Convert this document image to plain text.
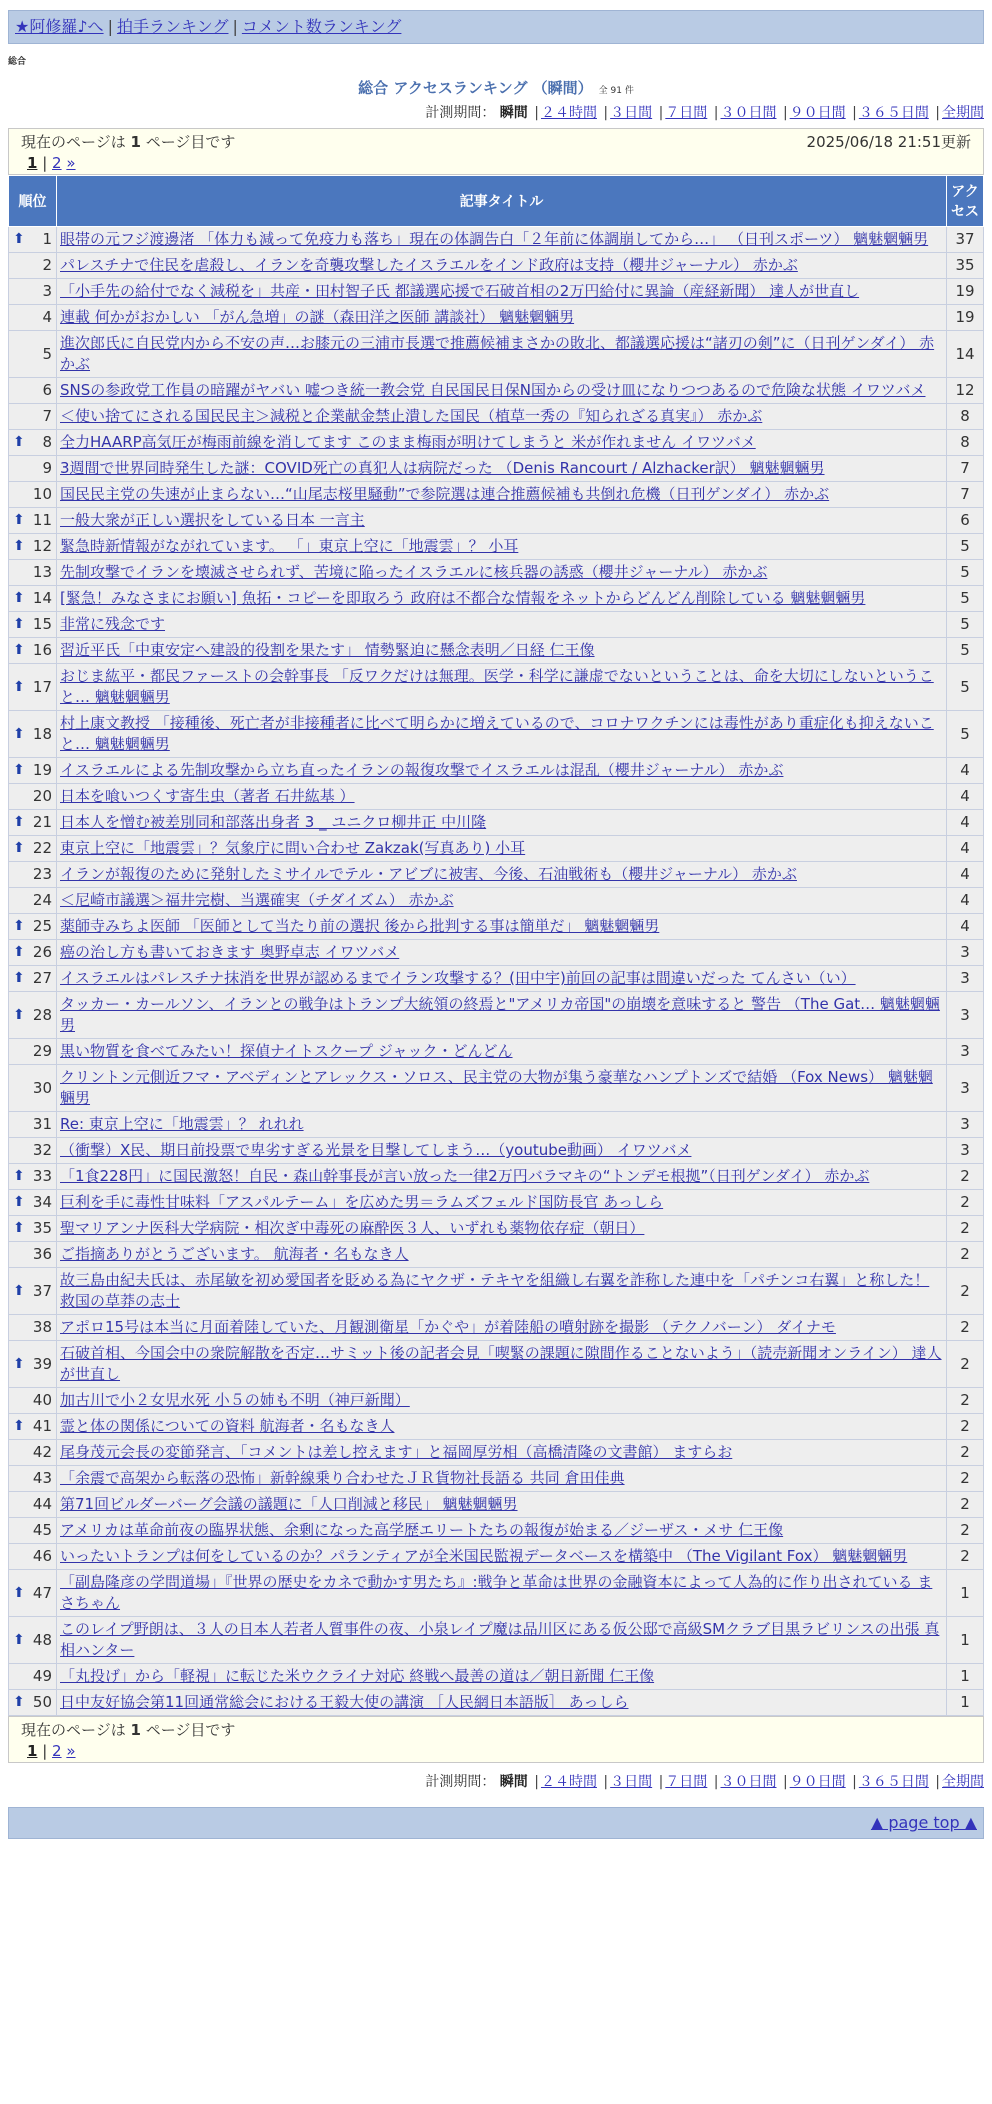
★阿修羅♪へ | 拍手ランキング | コメント数ランキング
総合
総合 アクセスランキング （瞬間） 全 91 件
計測期間： 瞬間 | ２４時間 | ３日間 | ７日間 | ３０日間 | ９０日間 | ３６５日間 | 全期間
現在のページは 1 ページ目です	2025/06/18 21:51更新
1 | 2 »
順位	記事タイトル	アクセス

⬆ 1	眼帯の元フジ渡邊渚 「体力も減って免疫力も落ち」現在の体調告白「２年前に体調崩してから…」 （日刊スポーツ） 魑魅魍魎男	37
2	パレスチナで住民を虐殺し、イランを奇襲攻撃したイスラエルをインド政府は支持（櫻井ジャーナル） 赤かぶ	35
3	「小手先の給付でなく減税を」共産・田村智子氏 都議選応援で石破首相の2万円給付に異論（産経新聞） 達人が世直し	19
4	連載 何かがおかしい 「がん急増」の謎（森田洋之医師 講談社） 魑魅魍魎男	19
5	進次郎氏に自民党内から不安の声…お膝元の三浦市長選で推薦候補まさかの敗北、都議選応援は“諸刃の剣”に（日刊ゲンダイ） 赤かぶ	14
6	SNSの参政党工作員の暗躍がヤバい 嘘つき統一教会党 自民国民日保N国からの受け皿になりつつあるので危険な状態 イワツバメ	12
7	＜使い捨てにされる国民民主＞減税と企業献金禁止潰した国民（植草一秀の『知られざる真実』） 赤かぶ	8

⬆ 8	全力HAARP高気圧が梅雨前線を消してます このまま梅雨が明けてしまうと 米が作れません イワツバメ	8
9	3週間で世界同時発生した謎：COVID死亡の真犯人は病院だった （Denis Rancourt / Alzhacker訳） 魑魅魍魎男	7
10	国民民主党の失速が止まらない…“山尾志桜里騒動”で参院選は連合推薦候補も共倒れ危機（日刊ゲンダイ） 赤かぶ	7

⬆ 11	一般大衆が正しい選択をしている日本 一言主	6

⬆ 12	緊急時新情報がながれています。 「」東京上空に「地震雲」？ 小耳	5
13	先制攻撃でイランを壊滅させられず、苦境に陥ったイスラエルに核兵器の誘惑（櫻井ジャーナル） 赤かぶ	5

⬆ 14	[緊急！みなさまにお願い] 魚拓・コピーを即取ろう 政府は不都合な情報をネットからどんどん削除している 魑魅魍魎男	5

⬆ 15	非常に残念です	5

⬆ 16	習近平氏「中東安定へ建設的役割を果たす」 情勢緊迫に懸念表明／日経 仁王像	5

⬆ 17	おじま紘平・都民ファーストの会幹事長 「反ワクだけは無理。医学・科学に謙虚でないということは、命を大切にしないということ… 魑魅魍魎男	5

⬆ 18	村上康文教授 「接種後、死亡者が非接種者に比べて明らかに増えているので、コロナワクチンには毒性があり重症化も抑えないこと… 魑魅魍魎男	5

⬆ 19	イスラエルによる先制攻撃から立ち直ったイランの報復攻撃でイスラエルは混乱（櫻井ジャーナル） 赤かぶ	4
20	日本を喰いつくす寄生虫（著者 石井紘基 ）	4

⬆ 21	日本人を憎む被差別同和部落出身者 3 _ ユニクロ柳井正 中川隆	4

⬆ 22	東京上空に「地震雲」？気象庁に問い合わせ Zakzak(写真あり) 小耳	4
23	イランが報復のために発射したミサイルでテル・アビブに被害、今後、石油戦術も（櫻井ジャーナル） 赤かぶ	4
24	＜尼崎市議選＞福井完樹、当選確実（チダイズム） 赤かぶ	4

⬆ 25	薬師寺みちよ医師 「医師として当たり前の選択 後から批判する事は簡単だ」 魑魅魍魎男	4

⬆ 26	癌の治し方も書いておきます 奥野卓志 イワツバメ	3

⬆ 27	イスラエルはパレスチナ抹消を世界が認めるまでイラン攻撃する？(田中宇)前回の記事は間違いだった てんさい（い）	3

⬆ 28	タッカー・カールソン、イランとの戦争はトランプ大統領の終焉と"アメリカ帝国"の崩壊を意味すると 警告 （The Gat… 魑魅魍魎男	3
29	黒い物質を食べてみたい！探偵ナイトスクープ ジャック・どんどん	3
30	クリントン元側近フマ・アベディンとアレックス・ソロス、民主党の大物が集う豪華なハンプトンズで結婚 （Fox News） 魑魅魍魎男	3
31	Re: 東京上空に「地震雲」？ れれれ	3
32	（衝撃）X民、期日前投票で卑劣すぎる光景を目撃してしまう…（youtube動画） イワツバメ	3

⬆ 33	「1食228円」に国民激怒！自民・森山幹事長が言い放った一律2万円バラマキの“トンデモ根拠”（日刊ゲンダイ） 赤かぶ	2

⬆ 34	巨利を手に毒性甘味料「アスパルテーム」を広めた男＝ラムズフェルド国防長官 あっしら	2

⬆ 35	聖マリアンナ医科大学病院・相次ぎ中毒死の麻酔医３人、いずれも薬物依存症（朝日）	2
36	ご指摘ありがとうございます。 航海者・名もなき人	2

⬆ 37	故三島由紀夫氏は、赤尾敏を初め愛国者を貶める為にヤクザ・テキヤを組織し右翼を詐称した連中を「パチンコ右翼」と称した！ 救国の草莽の志士	2
38	アポロ15号は本当に月面着陸していた、月観測衛星「かぐや」が着陸船の噴射跡を撮影 （テクノバーン） ダイナモ	2

⬆ 39	石破首相、今国会中の衆院解散を否定…サミット後の記者会見「喫緊の課題に隙間作ることないよう」（読売新聞オンライン） 達人が世直し	2
40	加古川で小２女児水死 小５の姉も不明（神戸新聞）	2

⬆ 41	霊と体の関係についての資料 航海者・名もなき人	2
42	尾身茂元会長の変節発言、「コメントは差し控えます」と福岡厚労相（高橋清隆の文書館） ますらお	2
43	「余震で高架から転落の恐怖」新幹線乗り合わせたＪＲ貨物社長語る 共同 倉田佳典	2
44	第71回ビルダーバーグ会議の議題に「人口削減と移民」 魑魅魍魎男	2
45	アメリカは革命前夜の臨界状態、余剰になった高学歴エリートたちの報復が始まる／ジーザス・メサ 仁王像	2
46	いったいトランプは何をしているのか？パランティアが全米国民監視データベースを構築中 （The Vigilant Fox） 魑魅魍魎男	2

⬆ 47	「副島隆彦の学問道場」『世界の歴史をカネで動かす男たち』:戦争と革命は世界の金融資本によって人為的に作り出されている まさちゃん	1

⬆ 48	このレイプ野朗は、３人の日本人若者人質事件の夜、小泉レイプ魔は品川区にある仮公邸で高級SMクラブ目黒ラビリンスの出張 真相ハンター	1
49	「丸投げ」から「軽視」に転じた米ウクライナ対応 終戦へ最善の道は／朝日新聞 仁王像	1

⬆ 50	日中友好協会第11回通常総会における王毅大使の講演 ［人民網日本語版］ あっしら	1
現在のページは 1 ページ目です
1 | 2 »
計測期間： 瞬間 | ２４時間 | ３日間 | ７日間 | ３０日間 | ９０日間 | ３６５日間 | 全期間
▲ page top ▲
